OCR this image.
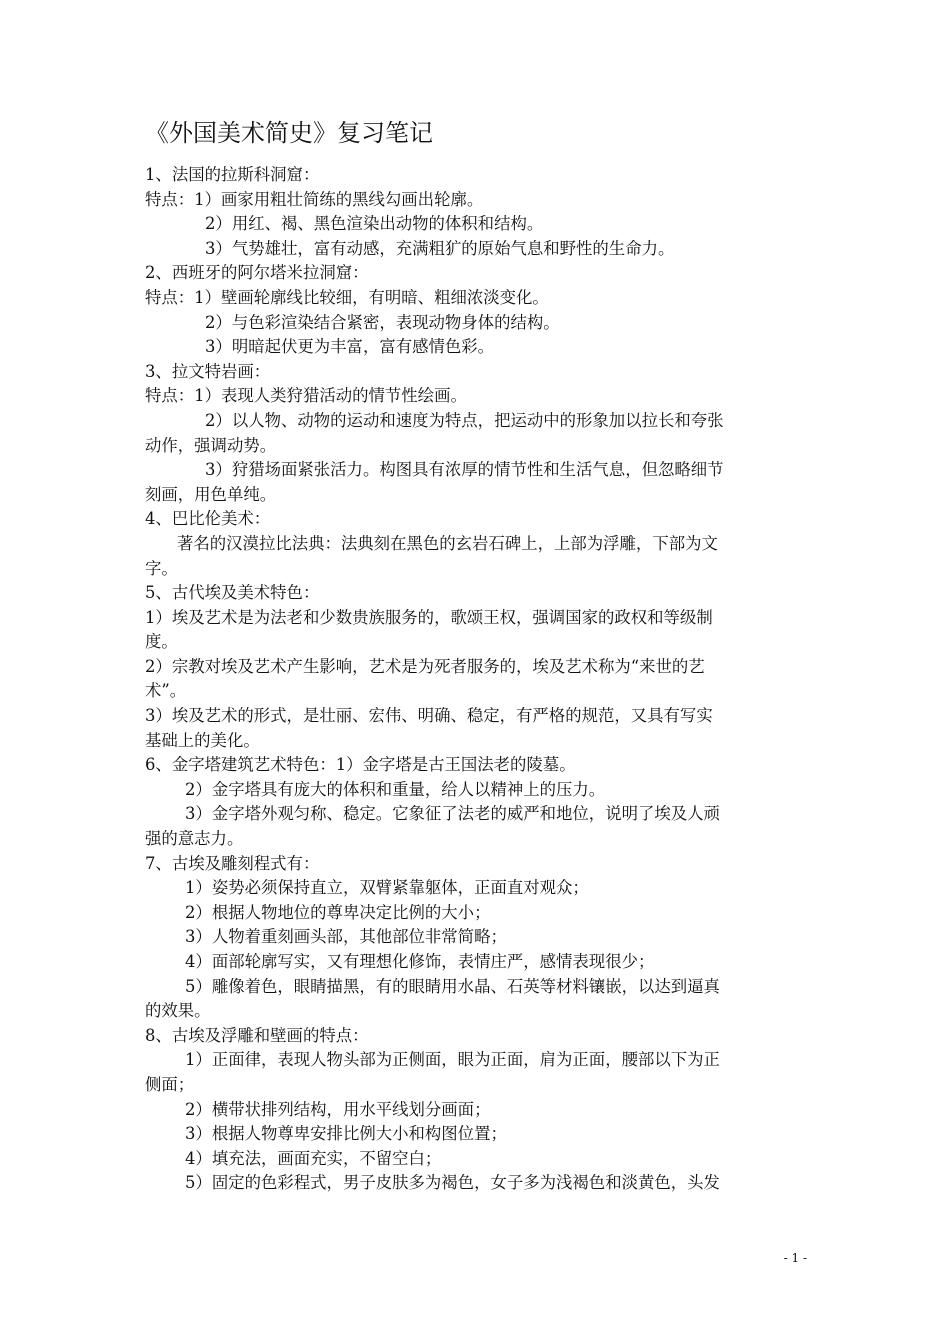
《外国美术简史》复习笔记
1、法国的拉斯科洞窟：
特点：1）画家用粗壮简练的黑线勾画出轮廓。
2）用红、褐、黑色渲染出动物的体积和结构。
3）气势雄壮，富有动感，充满粗犷的原始气息和野性的生命力。
2、西班牙的阿尔塔米拉洞窟：
特点：1）壁画轮廓线比较细，有明暗、粗细浓淡变化。
2）与色彩渲染结合紧密，表现动物身体的结构。
3）明暗起伏更为丰富，富有感情色彩。
3、拉文特岩画：
特点：1）表现人类狩猎活动的情节性绘画。
2）以人物、动物的运动和速度为特点，把运动中的形象加以拉长和夸张
动作，强调动势。
3）狩猎场面紧张活力。构图具有浓厚的情节性和生活气息，但忽略细节
刻画，用色单纯。
4、巴比伦美术：
著名的汉漠拉比法典：法典刻在黑色的玄岩石碑上，上部为浮雕，下部为文
字。
5、古代埃及美术特色：
1）埃及艺术是为法老和少数贵族服务的，歌颂王权，强调国家的政权和等级制
度。
2）宗教对埃及艺术产生影响，艺术是为死者服务的，埃及艺术称为“来世的艺
术”。
3）埃及艺术的形式，是壮丽、宏伟、明确、稳定，有严格的规范，又具有写实
基础上的美化。
6、金字塔建筑艺术特色：1）金字塔是古王国法老的陵墓。
2）金字塔具有庞大的体积和重量，给人以精神上的压力。
3）金字塔外观匀称、稳定。它象征了法老的威严和地位，说明了埃及人顽
强的意志力。
7、古埃及雕刻程式有：
1）姿势必须保持直立，双臂紧靠躯体，正面直对观众；
2）根据人物地位的尊卑决定比例的大小；
3）人物着重刻画头部，其他部位非常简略；
4）面部轮廓写实，又有理想化修饰，表情庄严，感情表现很少；
5）雕像着色，眼睛描黑，有的眼睛用水晶、石英等材料镶嵌，以达到逼真
的效果。
8、古埃及浮雕和壁画的特点：
1）正面律，表现人物头部为正侧面，眼为正面，肩为正面，腰部以下为正
侧面；
2）横带状排列结构，用水平线划分画面；
3）根据人物尊卑安排比例大小和构图位置；
4）填充法，画面充实，不留空白；
5）固定的色彩程式，男子皮肤多为褐色，女子多为浅褐色和淡黄色，头发
- 1 -
